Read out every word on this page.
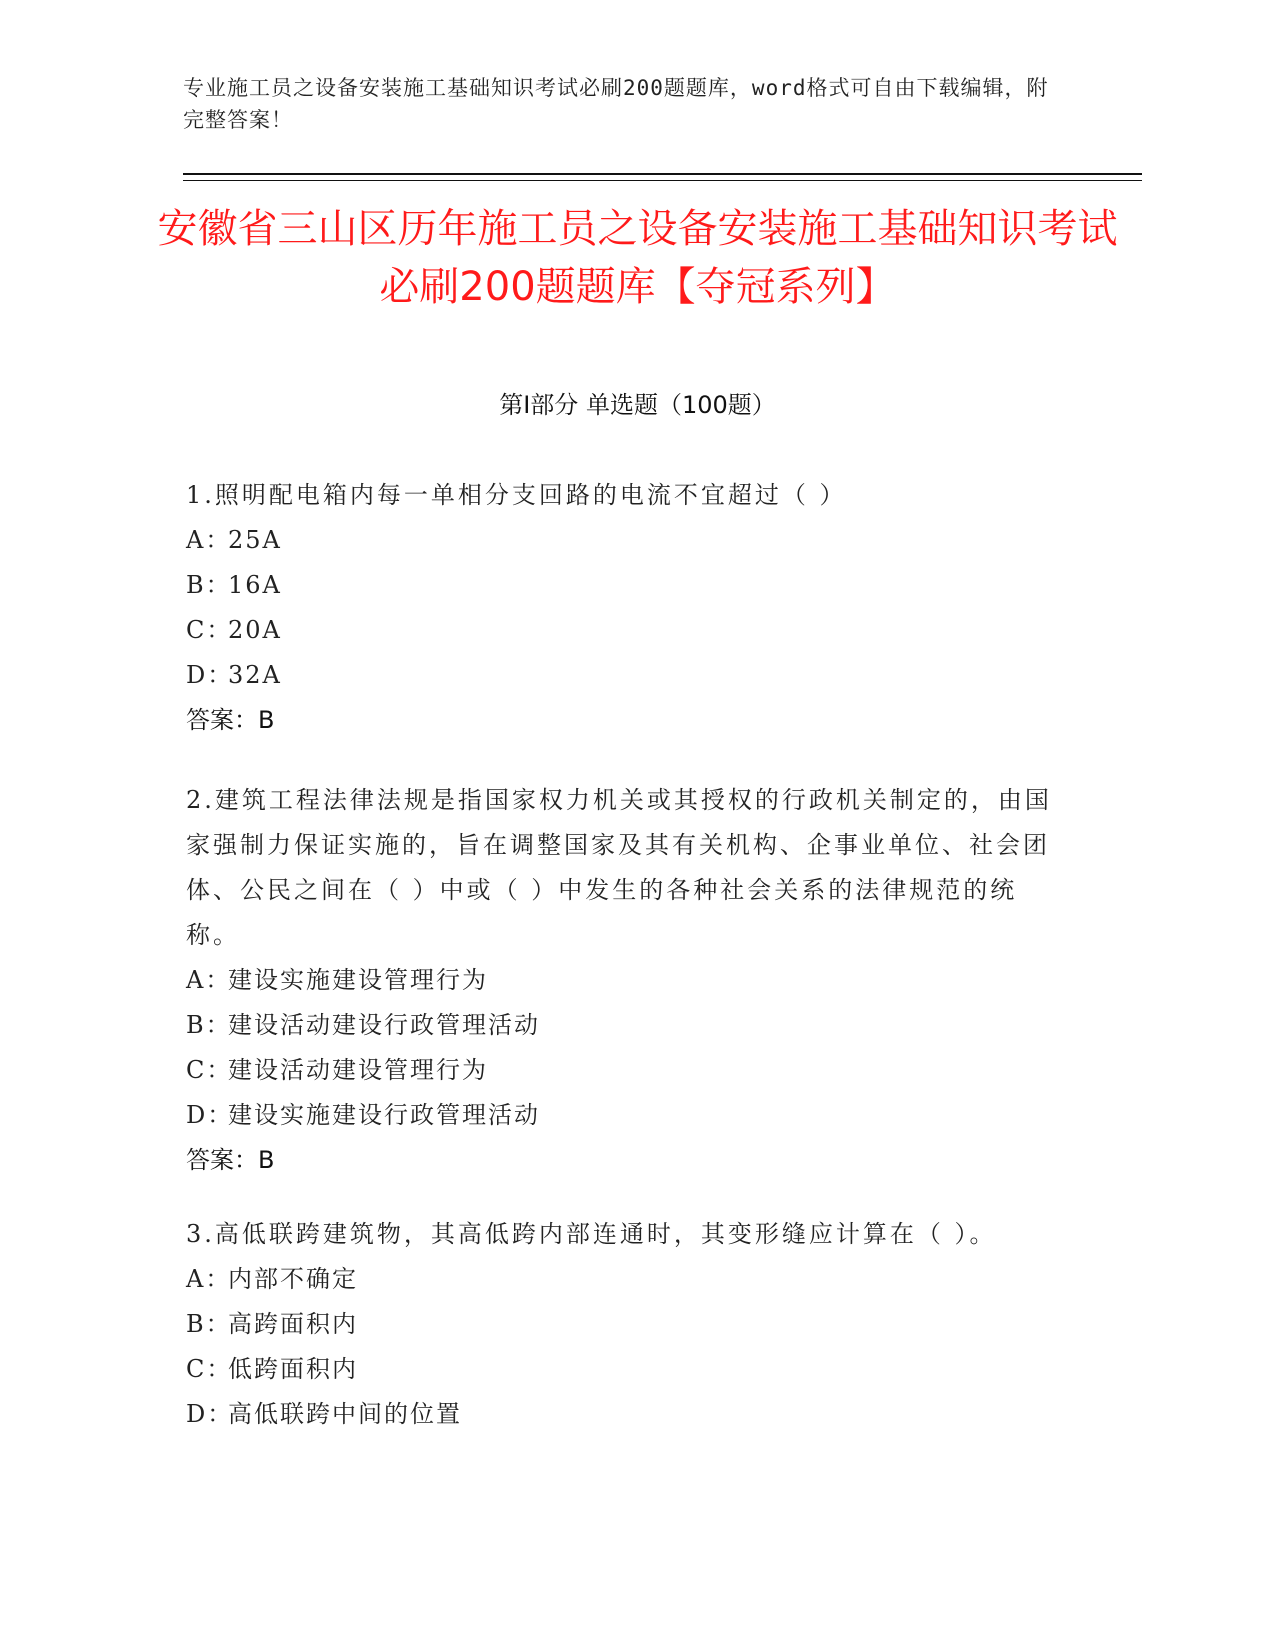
专业施工员之设备安装施工基础知识考试必刷200题题库，word格式可自由下载编辑，附完整答案！
安徽省三山区历年施工员之设备安装施工基础知识考试必刷200题题库【夺冠系列】
第Ⅰ部分 单选题（100题）
1.照明配电箱内每一单相分支回路的电流不宜超过（ ）
A：25A
B：16A
C：20A
D：32A
答案：B
2.建筑工程法律法规是指国家权力机关或其授权的行政机关制定的，由国家强制力保证实施的，旨在调整国家及其有关机构、企事业单位、社会团体、公民之间在（ ）中或（ ）中发生的各种社会关系的法律规范的统称。
A：建设实施建设管理行为
B：建设活动建设行政管理活动
C：建设活动建设管理行为
D：建设实施建设行政管理活动
答案：B
3.高低联跨建筑物，其高低跨内部连通时，其变形缝应计算在（ ）。
A：内部不确定
B：高跨面积内
C：低跨面积内
D：高低联跨中间的位置
